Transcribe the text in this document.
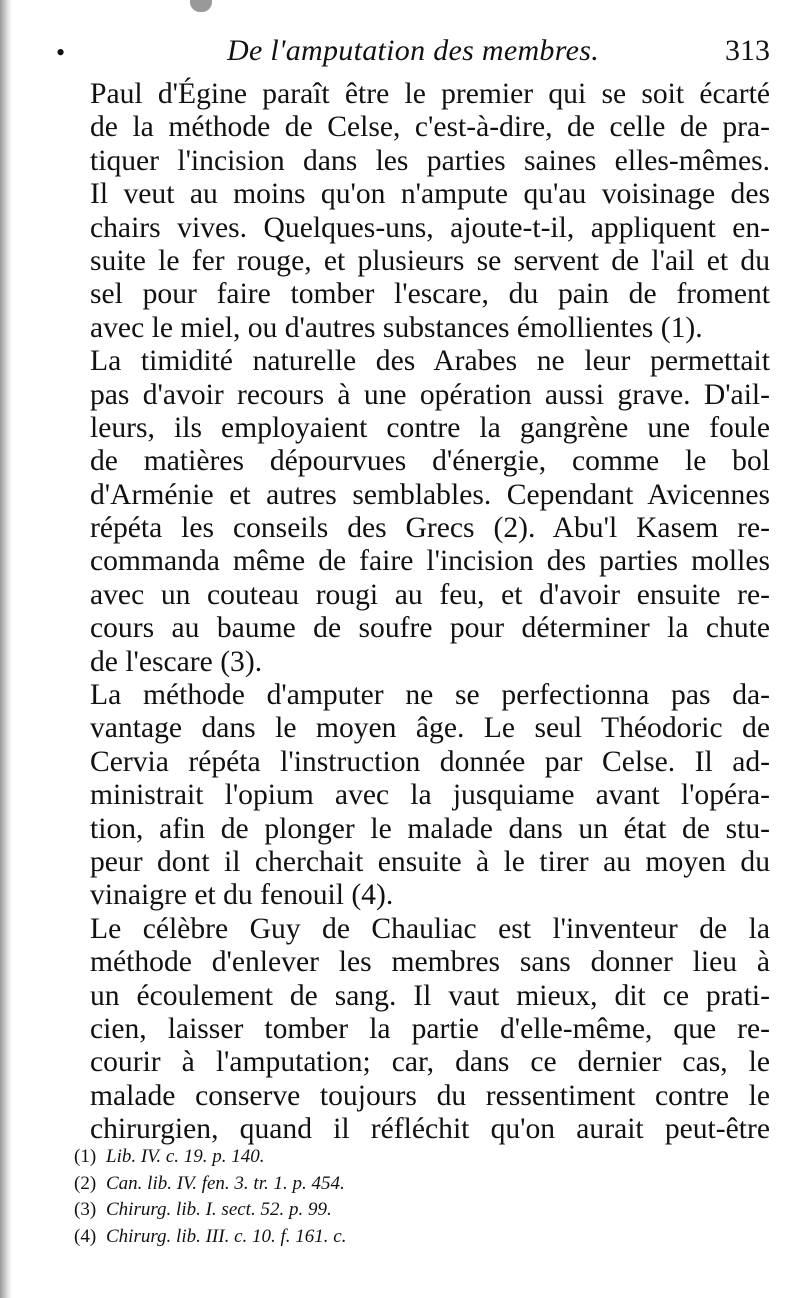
•	De l'amputation des membres.	313

Paul d'Égine paraît être le premier qui se soit écarté
de la méthode de Celse, c'est-à-dire, de celle de pra-
tiquer l'incision dans les parties saines elles-mêmes.
Il veut au moins qu'on n'ampute qu'au voisinage des
chairs vives. Quelques-uns, ajoute-t-il, appliquent en-
suite le fer rouge, et plusieurs se servent de l'ail et du
sel pour faire tomber l'escare, du pain de froment
avec le miel, ou d'autres substances émollientes (1).

La timidité naturelle des Arabes ne leur permettait
pas d'avoir recours à une opération aussi grave. D'ail-
leurs, ils employaient contre la gangrène une foule
de matières dépourvues d'énergie, comme le bol
d'Arménie et autres semblables. Cependant Avicennes
répéta les conseils des Grecs (2). Abu'l Kasem re-
commanda même de faire l'incision des parties molles
avec un couteau rougi au feu, et d'avoir ensuite re-
cours au baume de soufre pour déterminer la chute
de l'escare (3).

La méthode d'amputer ne se perfectionna pas da-
vantage dans le moyen âge. Le seul Théodoric de
Cervia répéta l'instruction donnée par Celse. Il ad-
ministrait l'opium avec la jusquiame avant l'opéra-
tion, afin de plonger le malade dans un état de stu-
peur dont il cherchait ensuite à le tirer au moyen du
vinaigre et du fenouil (4).

Le célèbre Guy de Chauliac est l'inventeur de la
méthode d'enlever les membres sans donner lieu à
un écoulement de sang. Il vaut mieux, dit ce prati-
cien, laisser tomber la partie d'elle-même, que re-
courir à l'amputation; car, dans ce dernier cas, le
malade conserve toujours du ressentiment contre le
chirurgien, quand il réfléchit qu'on aurait peut-être

(1) Lib. IV. c. 19. p. 140.
(2) Can. lib. IV. fen. 3. tr. 1. p. 454.
(3) Chirurg. lib. I. sect. 52. p. 99.
(4) Chirurg. lib. III. c. 10. f. 161. c.
